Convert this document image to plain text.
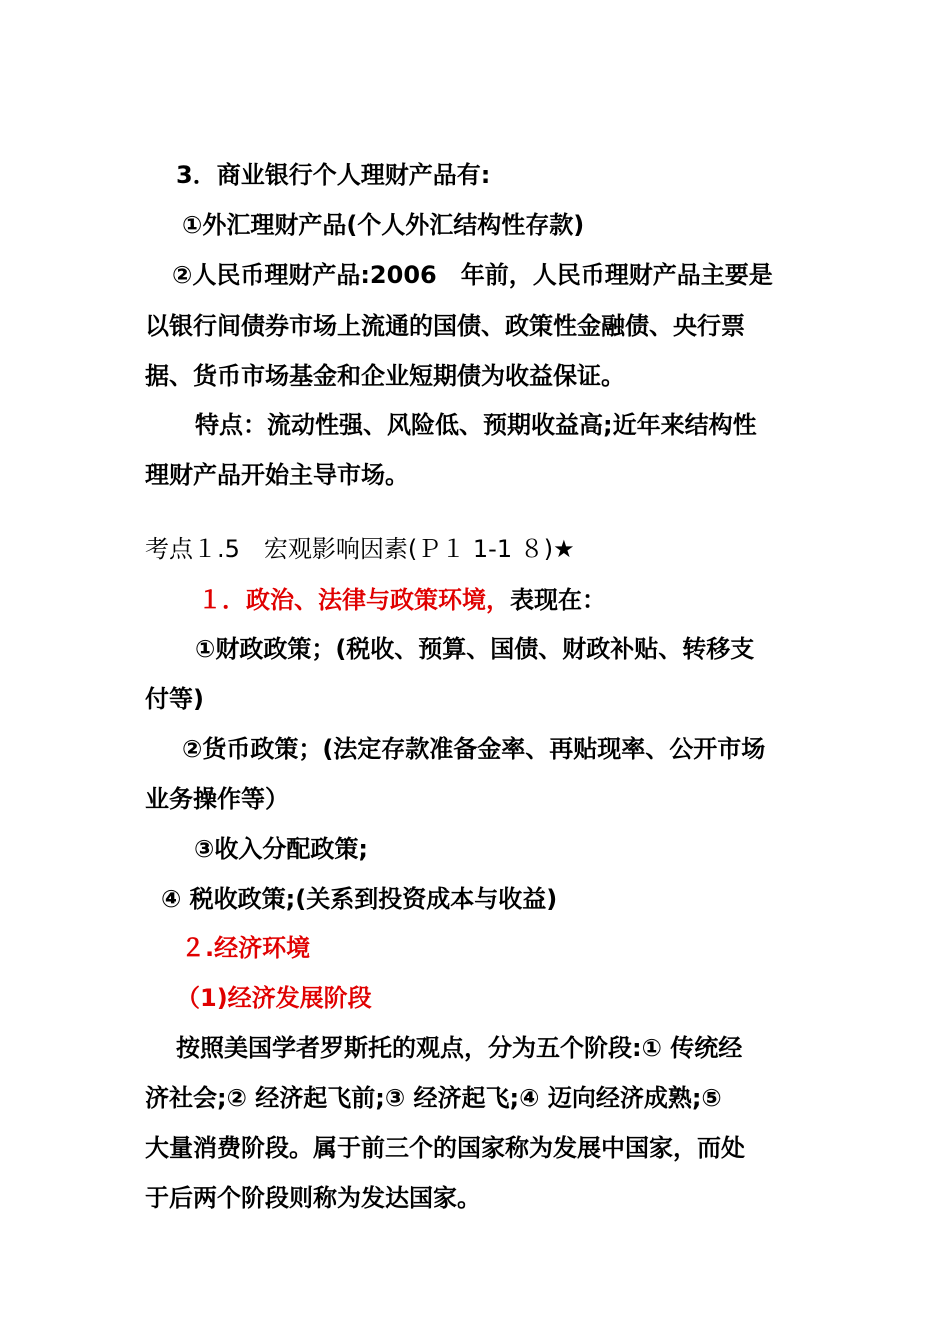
3．商业银行个人理财产品有:
①外汇理财产品(个人外汇结构性存款)
②人民币理财产品:2006　年前，人民币理财产品主要是
以银行间债券市场上流通的国债、政策性金融债、央行票
据、货币市场基金和企业短期债为收益保证。
特点：流动性强、风险低、预期收益高;近年来结构性
理财产品开始主导市场。
考点１.5　宏观影响因素(Ｐ１ 1-1 ８)★
１．政治、法律与政策环境，表现在：
①财政政策；(税收、预算、国债、财政补贴、转移支
付等)
②货币政策；(法定存款准备金率、再贴现率、公开市场
业务操作等）
③收入分配政策;
④ 税收政策;(关系到投资成本与收益)
２.经济环境
（1)经济发展阶段
按照美国学者罗斯托的观点，分为五个阶段:① 传统经
济社会;② 经济起飞前;③ 经济起飞;④ 迈向经济成熟;⑤
大量消费阶段。属于前三个的国家称为发展中国家，而处
于后两个阶段则称为发达国家。
